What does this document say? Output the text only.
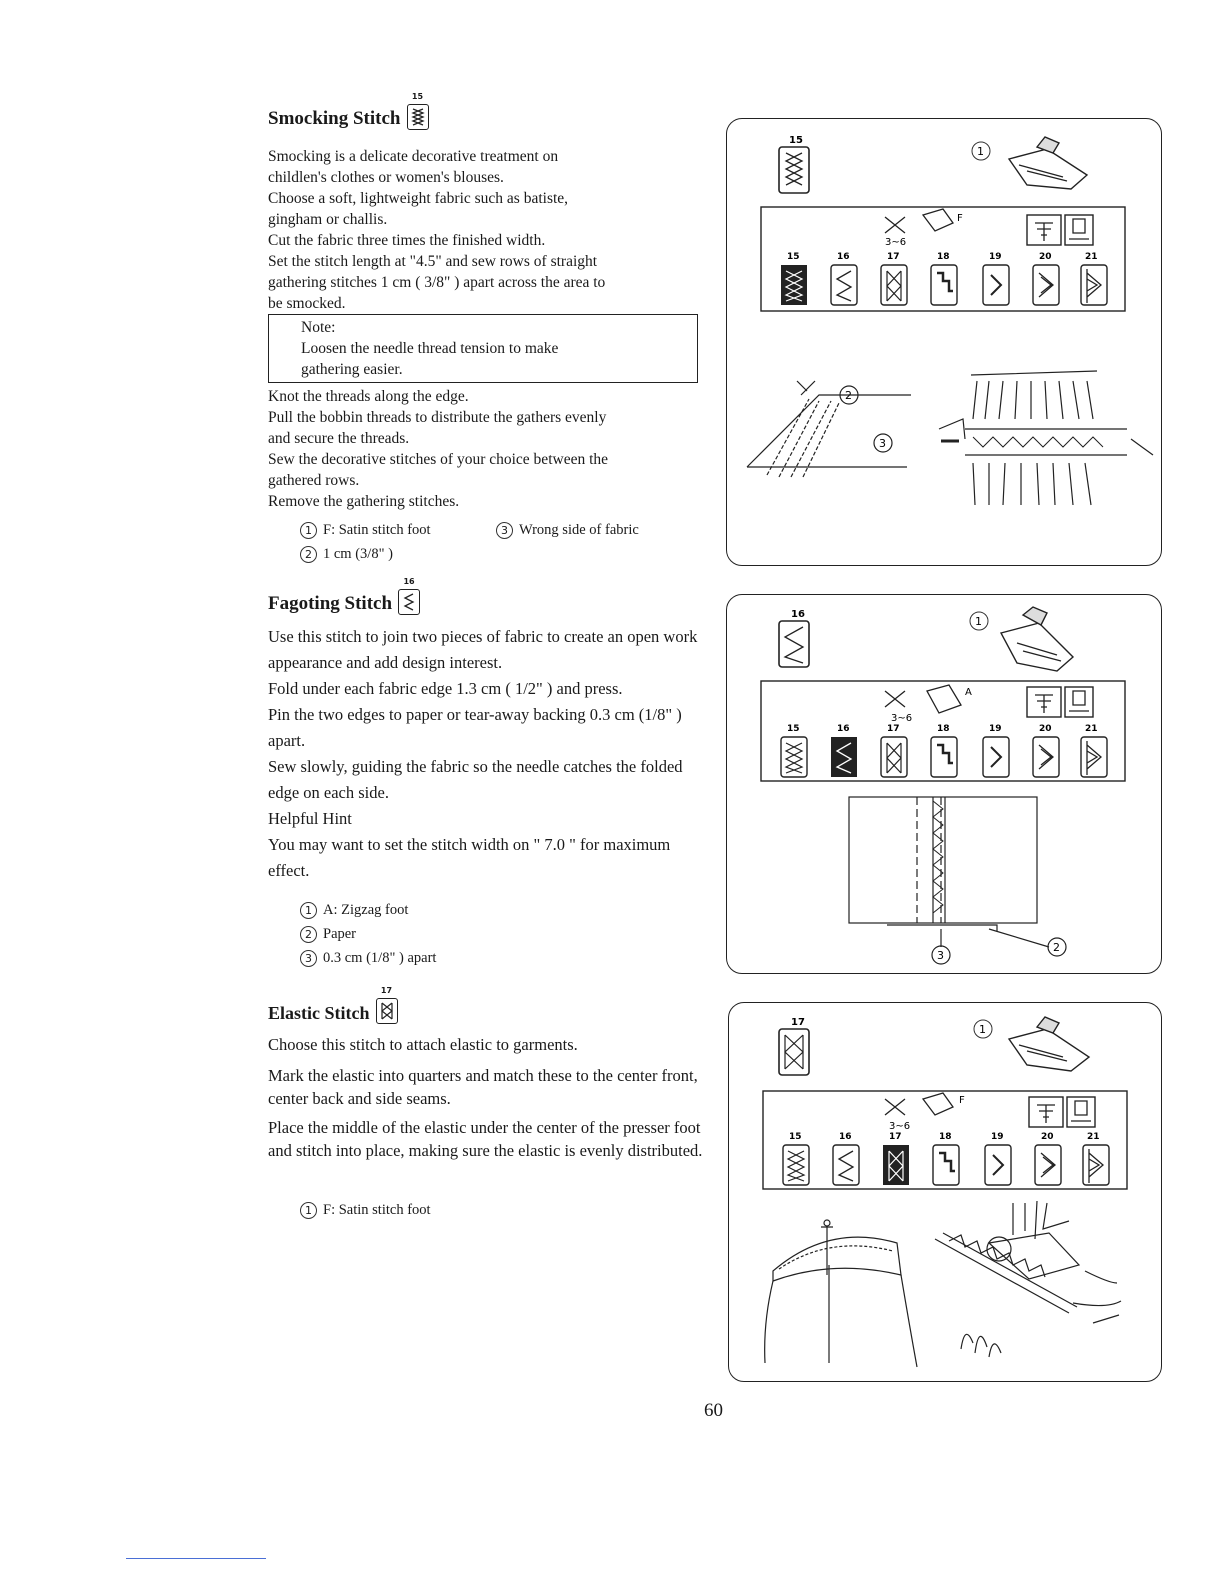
Smocking Stitch
15

Smocking is a delicate decorative treatment on

childlen's clothes or women's blouses.

Choose a soft, lightweight fabric such as batiste,

gingham or challis.

Cut the fabric three times the finished width.

Set the stitch length at "4.5" and sew rows of straight

gathering stitches 1 cm ( 3/8" ) apart across the area to

be smocked.

Note:
Loosen the needle thread tension to make
gathering easier.

Knot the threads along the edge.

Pull the bobbin threads to distribute the gathers evenly

and secure the threads.

Sew the decorative stitches of your choice between the

gathered rows.

Remove the gathering stitches.

1 F: Satin stitch foot	3 Wrong side of fabric
2 1 cm (3/8" )
Fagoting Stitch
16

Use this stitch to join two pieces of fabric to create an open work appearance and add design interest.

Fold under each fabric edge 1.3 cm ( 1/2" ) and press.

Pin the two edges to paper or tear-away backing 0.3 cm (1/8" ) apart.

Sew slowly, guiding the fabric so the needle catches the folded edge on each side.

Helpful Hint

You may want to set the stitch width on " 7.0 " for maximum effect.

1 A: Zigzag foot
2 Paper
3 0.3 cm (1/8" ) apart
Elastic Stitch
17

Choose this stitch to attach elastic to garments.

Mark the elastic into quarters and match these to the center front, center back and side seams.

Place the middle of the elastic under the center of the presser foot and stitch into place, making sure the elastic is evenly distributed.

1 F: Satin stitch foot
15
1
3~6
F
15	16	17	18	19	20	21
2
3
16
1
3~6
A
15	16	17	18	19	20	21
3
2
17
1
3~6
F
15	16	17	18	19	20	21
60
